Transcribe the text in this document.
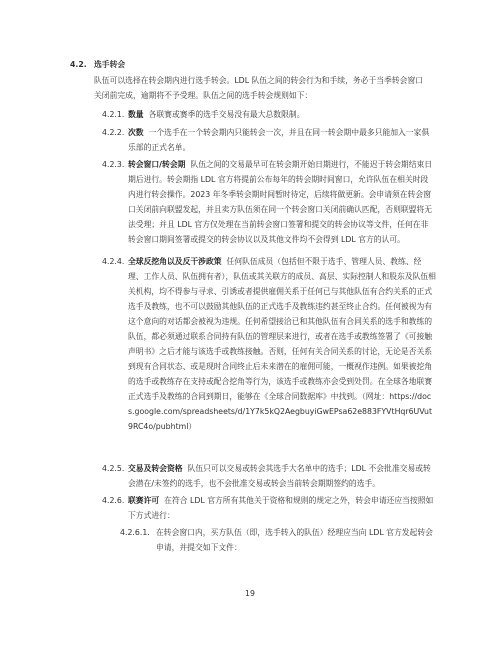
4.2. 选手转会
队伍可以选择在转会期内进行选手转会。LDL 队伍之间的转会行为和手续，务必于当季转会窗口关闭前完成，逾期将不予受理。队伍之间的选手转会规则如下：
4.2.1. 数量 各联赛或赛季的选手交易没有最大总数限制。
4.2.2. 次数 一个选手在一个转会期内只能转会一次，并且在同一转会期中最多只能加入一家俱乐部的正式名单。
4.2.3. 转会窗口/转会期 队伍之间的交易最早可在转会期开始日期进行，不能迟于转会期结束日期后进行。转会期指 LDL 官方将提前公布每年的转会期时间窗口，允许队伍在相关时段内进行转会操作。2023 年冬季转会期时间暂时待定，后续将做更新。会申请须在转会窗口关闭前向联盟发起，并且卖方队伍须在同一个转会窗口关闭前确认匹配，否则联盟将无法受理；并且 LDL 官方仅处理在当前转会窗口签署和提交的转会协议等文件，任何在非转会窗口期间签署或提交的转会协议以及其他文件均不会得到 LDL 官方的认可。
4.2.4. 全球反挖角以及反干涉政策 任何队伍成员（包括但不限于选手、管理人员、教练、经理、工作人员、队伍拥有者），队伍或其关联方的成员、高层、实际控制人和股东及队伍相关机构，均不得参与寻求、引诱或者提供雇佣关系于任何已与其他队伍有合约关系的正式选手及教练，也不可以鼓励其他队伍的正式选手及教练违约甚至终止合约。任何被视为有这个意向的对话都会被视为违规。任何希望接洽已和其他队伍有合同关系的选手和教练的队伍，都必须通过联系合同持有队伍的管理层来进行，或者在选手或教练签署了《可接触声明书》之后才能与该选手或教练接触。否则，任何有关合同关系的讨论，无论是否关系到现有合同状态、或是现时合同终止后未来潜在的雇佣可能，一概视作违例。如果被挖角的选手或教练存在支持或配合挖角等行为，该选手或教练亦会受到处罚。在全球各地联赛正式选手及教练的合同到期日，能够在《全球合同数据库》中找到。（网址：https://docs.google.com/spreadsheets/d/1Y7k5kQ2AegbuyiGwEPsa62e883FYVtHqr6UVut9RC4o/pubhtml）
4.2.5. 交易及转会资格 队伍只可以交易或转会其选手大名单中的选手；LDL 不会批准交易或转会潜在/未签约的选手，也不会批准交易或转会当前转会期期签约的选手。
4.2.6. 联赛许可 在符合 LDL 官方所有其他关于资格和规则的规定之外，转会申请还应当按照如下方式进行：
4.2.6.1. 在转会窗口内，买方队伍（即，选手转入的队伍）经理应当向 LDL 官方发起转会申请，并提交如下文件：
19
